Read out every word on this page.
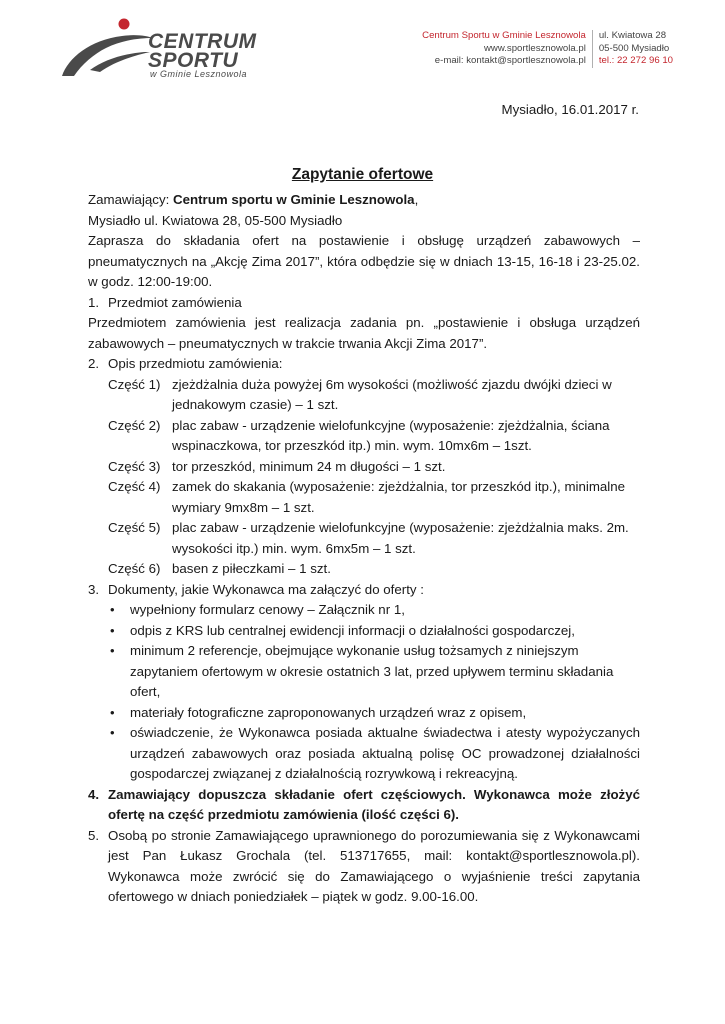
CENTRUM
SPORTU
w Gminie Lesznowola
Centrum Sportu w Gminie Lesznowola
www.sportlesznowola.pl
e-mail: kontakt@sportlesznowola.pl
ul. Kwiatowa 28
05-500 Mysiadło
tel.: 22 272 96 10
Mysiadło, 16.01.2017 r.
Zapytanie ofertowe
Zamawiający: Centrum sportu w Gminie Lesznowola,
Mysiadło ul. Kwiatowa 28, 05-500 Mysiadło
Zaprasza do składania ofert na postawienie i obsługę urządzeń zabawowych – pneumatycznych na „Akcję Zima 2017”, która odbędzie się w dniach 13-15, 16-18 i 23-25.02. w godz. 12:00-19:00.
1. Przedmiot zamówienia
Przedmiotem zamówienia jest realizacja zadania pn. „postawienie i obsługa urządzeń zabawowych – pneumatycznych w trakcie trwania Akcji Zima 2017”.
2. Opis przedmiotu zamówienia:
Część 1) zjeżdżalnia duża powyżej 6m wysokości (możliwość zjazdu dwójki dzieci w jednakowym czasie) – 1 szt.
Część 2) plac zabaw - urządzenie wielofunkcyjne (wyposażenie: zjeżdżalnia, ściana wspinaczkowa, tor przeszkód itp.) min. wym. 10mx6m – 1szt.
Część 3) tor przeszkód, minimum 24 m długości – 1 szt.
Część 4) zamek do skakania (wyposażenie: zjeżdżalnia, tor przeszkód itp.), minimalne wymiary 9mx8m – 1 szt.
Część 5) plac zabaw - urządzenie wielofunkcyjne (wyposażenie: zjeżdżalnia maks. 2m. wysokości itp.) min. wym. 6mx5m – 1 szt.
Część 6) basen z piłeczkami – 1 szt.
3. Dokumenty, jakie Wykonawca ma załączyć do oferty :
• wypełniony formularz cenowy – Załącznik nr 1,
• odpis z KRS lub centralnej ewidencji informacji o działalności gospodarczej,
• minimum 2 referencje, obejmujące wykonanie usług tożsamych z niniejszym zapytaniem ofertowym w okresie ostatnich 3 lat, przed upływem terminu składania ofert,
• materiały fotograficzne zaproponowanych urządzeń wraz z opisem,
• oświadczenie, że Wykonawca posiada aktualne świadectwa i atesty wypożyczanych urządzeń zabawowych oraz posiada aktualną polisę OC prowadzonej działalności gospodarczej związanej z działalnością rozrywkową i rekreacyjną.
4. Zamawiający dopuszcza składanie ofert częściowych. Wykonawca może złożyć ofertę na część przedmiotu zamówienia (ilość części 6).
5. Osobą po stronie Zamawiającego uprawnionego do porozumiewania się z Wykonawcami jest Pan Łukasz Grochala (tel. 513717655, mail: kontakt@sportlesznowola.pl). Wykonawca może zwrócić się do Zamawiającego o wyjaśnienie treści zapytania ofertowego w dniach poniedziałek – piątek w godz. 9.00-16.00.
